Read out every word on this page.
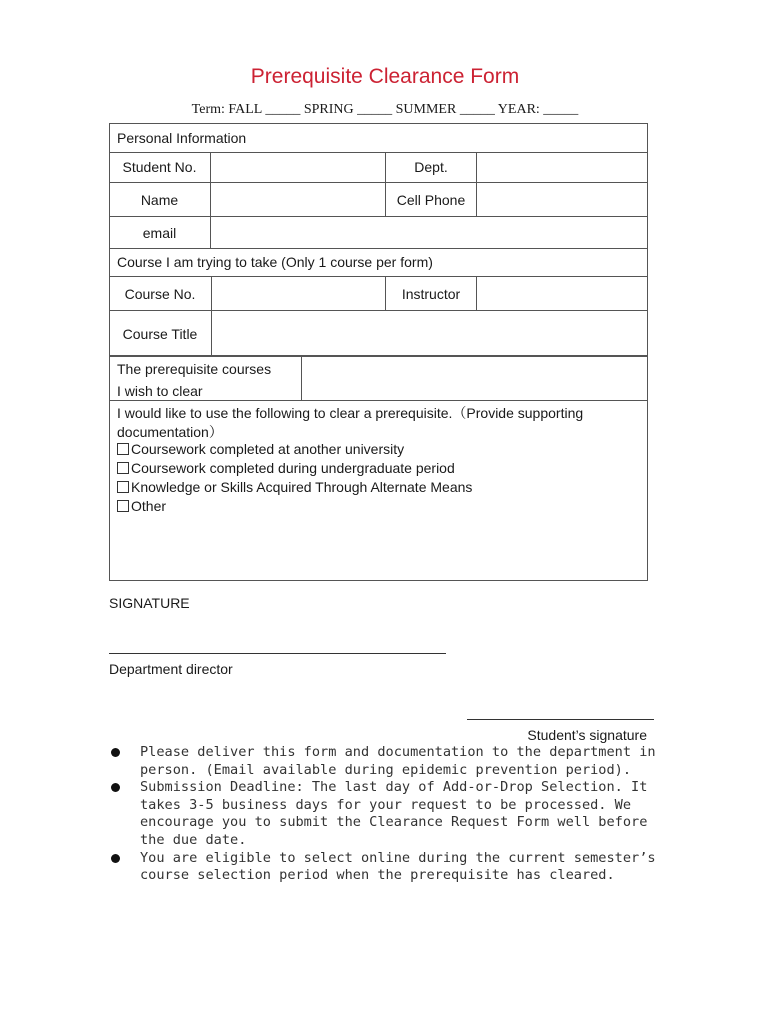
Prerequisite Clearance Form
Term: FALL _____ SPRING _____ SUMMER _____ YEAR: _____
Personal Information
Student No.	Dept.
Name	Cell Phone
email
Course I am trying to take (Only 1 course per form)
Course No.	Instructor
Course Title
The prerequisite courses
I wish to clear
I would like to use the following to clear a prerequisite.（Provide supporting
documentation）
Coursework completed at another university
Coursework completed during undergraduate period
Knowledge or Skills Acquired Through Alternate Means
Other
SIGNATURE
Department director
Student’s signature
Please deliver this form and documentation to the department in person. (Email available during epidemic prevention period).
Submission Deadline: The last day of Add-or-Drop Selection. It takes 3-5 business days for your request to be processed. We encourage you to submit the Clearance Request Form well before the due date.
You are eligible to select online during the current semester’s course selection period when the prerequisite has cleared.
